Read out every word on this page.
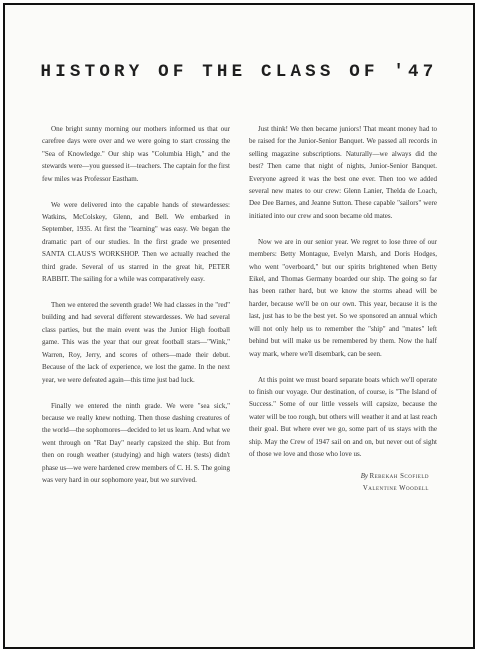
HISTORY OF THE CLASS OF '47

One bright sunny morning our mothers informed us that our carefree days were over and we were going to start crossing the "Sea of Knowledge." Our ship was "Columbia High," and the stewards were—you guessed it—teachers. The captain for the first few miles was Professor Eastham.

We were delivered into the capable hands of stewardesses: Watkins, McColskey, Glenn, and Bell. We embarked in September, 1935. At first the "learning" was easy. We began the dramatic part of our studies. In the first grade we presented SANTA CLAUS'S WORKSHOP. Then we actually reached the third grade. Several of us starred in the great hit, PETER RABBIT. The sailing for a while was comparatively easy.

Then we entered the seventh grade! We had classes in the "red" building and had several different stewardesses. We had several class parties, but the main event was the Junior High football game. This was the year that our great football stars—"Wink," Warren, Roy, Jerry, and scores of others—made their debut. Because of the lack of experience, we lost the game. In the next year, we were defeated again—this time just bad luck.

Finally we entered the ninth grade. We were "sea sick," because we really knew nothing. Then those dashing creatures of the world—the sophomores—decided to let us learn. And what we went through on "Rat Day" nearly capsized the ship. But from then on rough weather (studying) and high waters (tests) didn't phase us—we were hardened crew members of C. H. S. The going was very hard in our sophomore year, but we survived.

Just think! We then became juniors! That meant money had to be raised for the Junior-Senior Banquet. We passed all records in selling magazine subscriptions. Naturally—we always did the best? Then came that night of nights, Junior-Senior Banquet. Everyone agreed it was the best one ever. Then too we added several new mates to our crew: Glenn Lanier, Thelda de Loach, Dee Dee Barnes, and Jeanne Sutton. These capable "sailors" were initiated into our crew and soon became old mates.

Now we are in our senior year. We regret to lose three of our members: Betty Montague, Evelyn Marsh, and Doris Hodges, who went "overboard," but our spirits brightened when Betty Eikel, and Thomas Germany boarded our ship. The going so far has been rather hard, but we know the storms ahead will be harder, because we'll be on our own. This year, because it is the last, just has to be the best yet. So we sponsored an annual which will not only help us to remember the "ship" and "mates" left behind but will make us be remembered by them. Now the half way mark, where we'll disembark, can be seen.

At this point we must board separate boats which we'll operate to finish our voyage. Our destination, of course, is "The Island of Success." Some of our little vessels will capsize, because the water will be too rough, but others will weather it and at last reach their goal. But where ever we go, some part of us stays with the ship. May the Crew of 1947 sail on and on, but never out of sight of those we love and those who love us.

By Rebekah Scofield
Valentine Woodell
